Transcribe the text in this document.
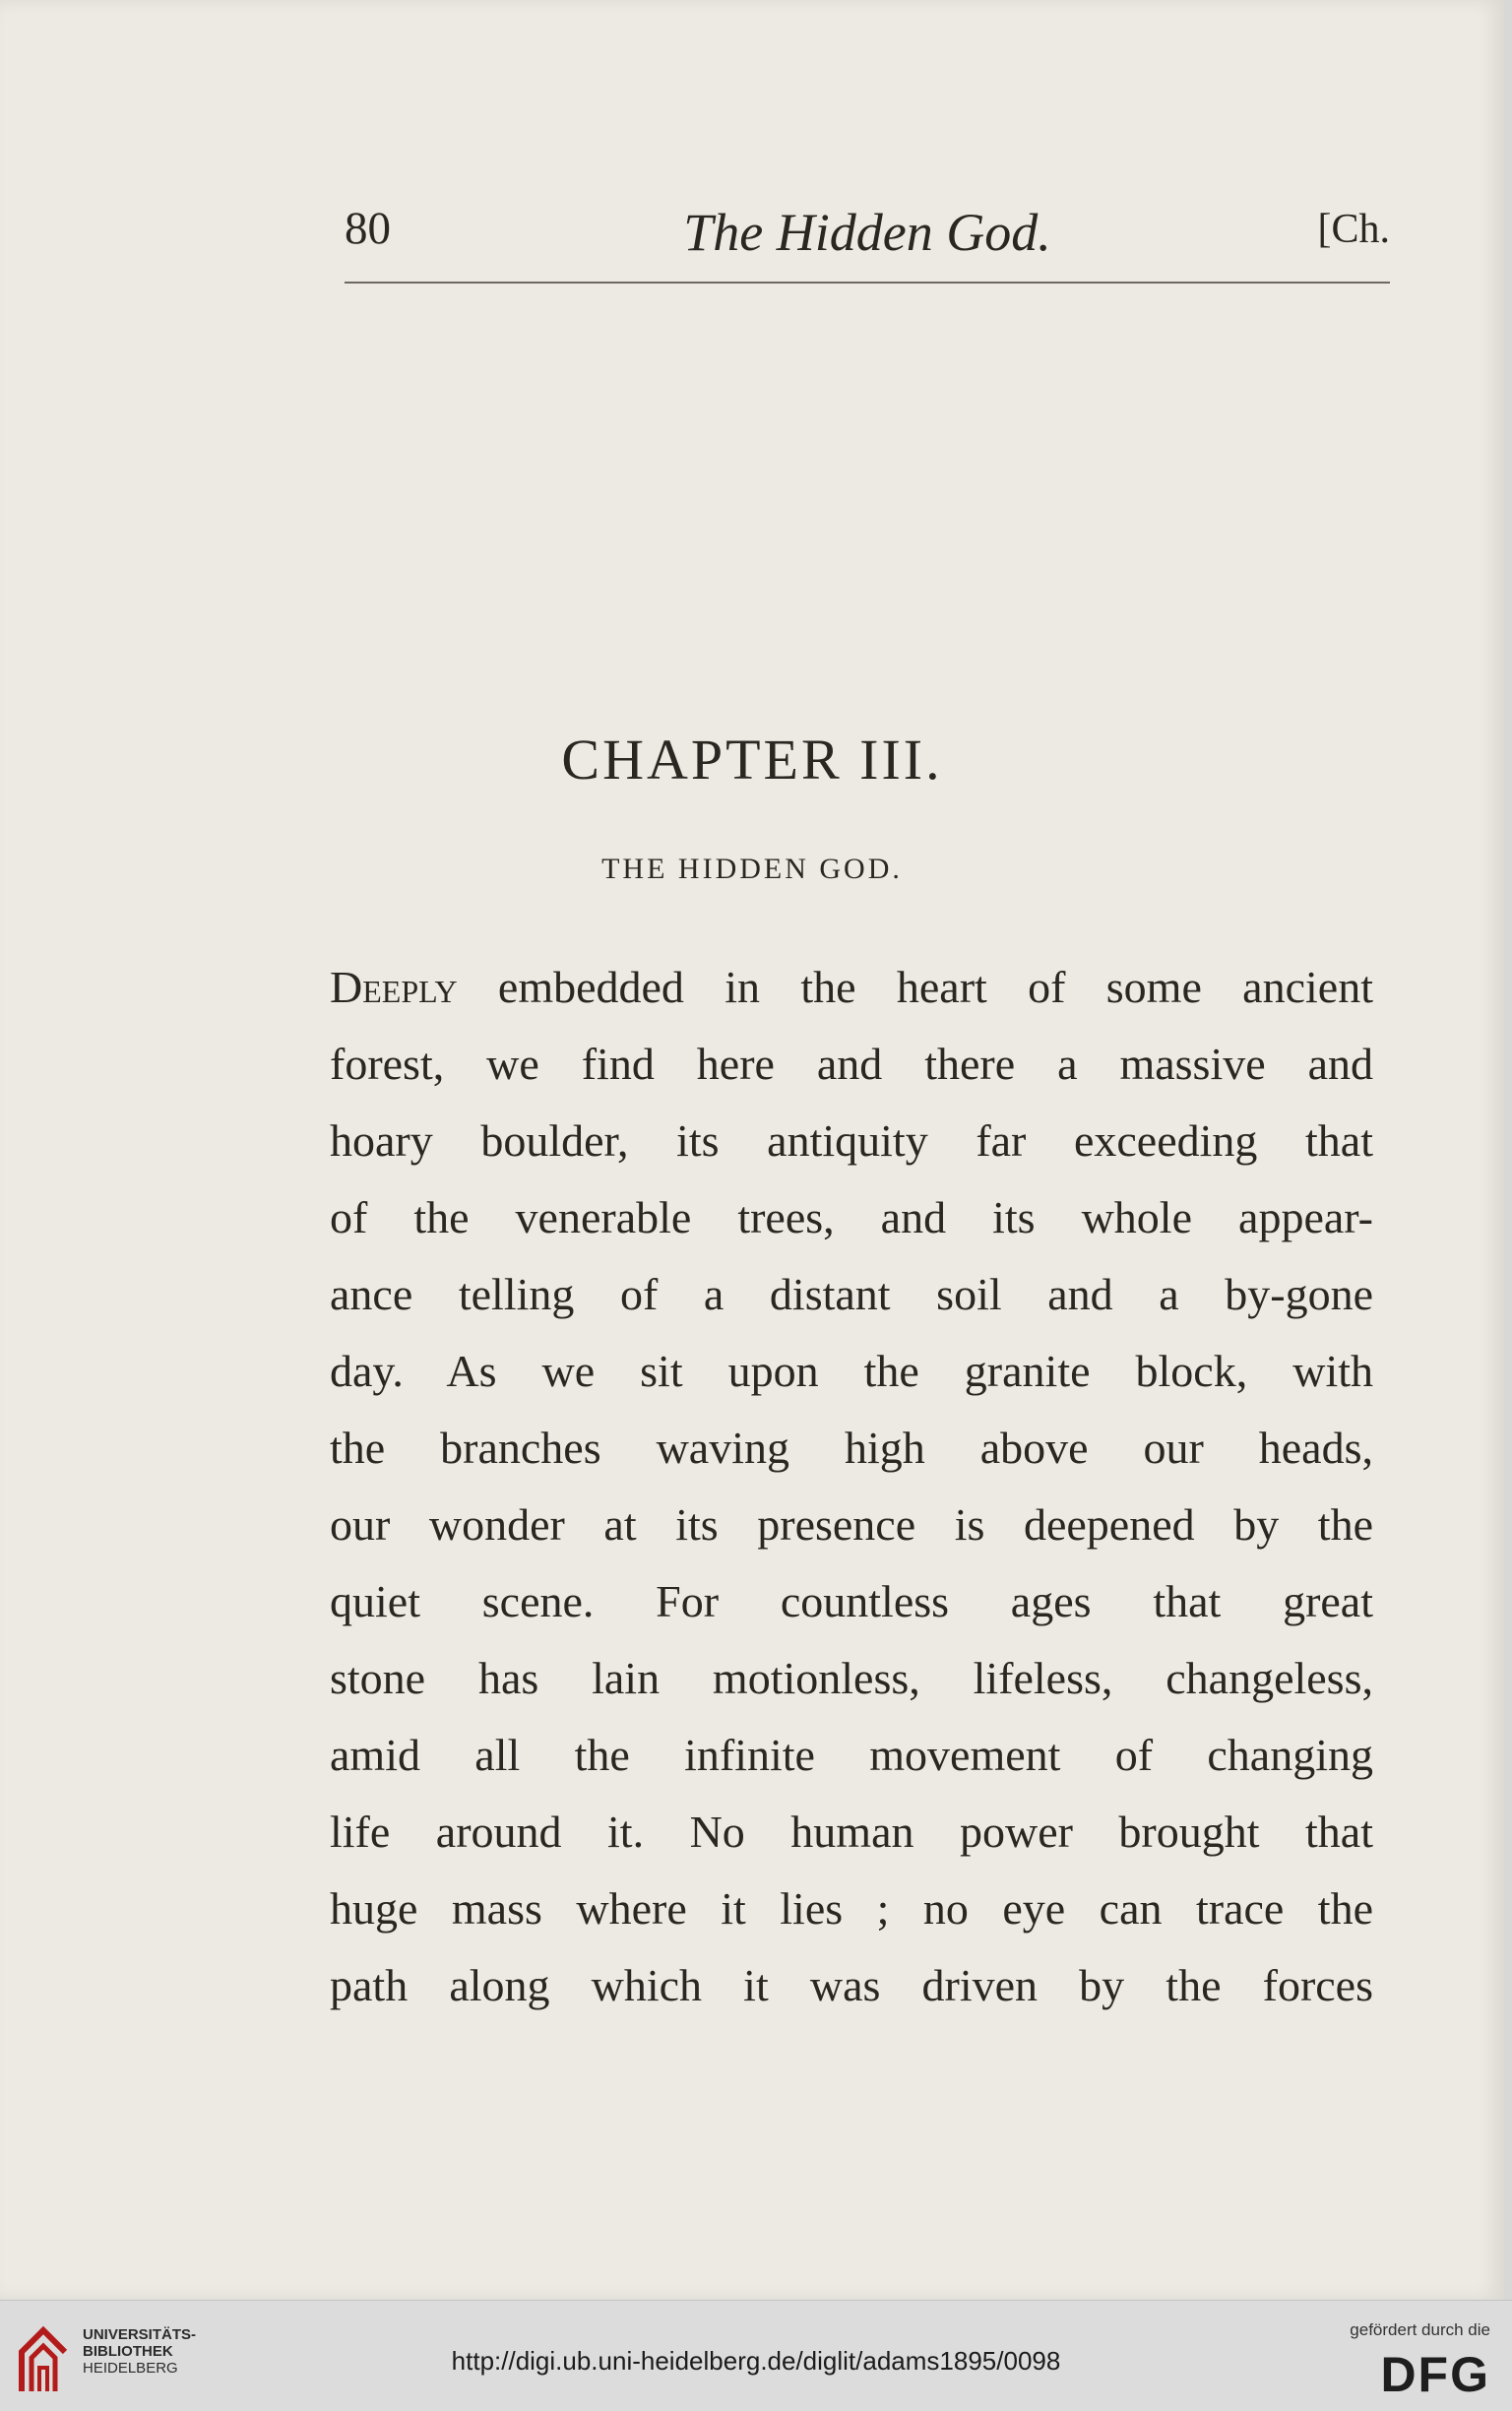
80	The Hidden God.	[Ch.
CHAPTER III.
THE HIDDEN GOD.
Deeply embedded in the heart of some ancient
forest, we find here and there a massive and
hoary boulder, its antiquity far exceeding that
of the venerable trees, and its whole appear-
ance telling of a distant soil and a by-gone
day. As we sit upon the granite block, with
the branches waving high above our heads,
our wonder at its presence is deepened by the
quiet scene. For countless ages that great
stone has lain motionless, lifeless, changeless,
amid all the infinite movement of changing
life around it. No human power brought that
huge mass where it lies ; no eye can trace the
path along which it was driven by the forces
UNIVERSITÄTS-
BIBLIOTHEK
HEIDELBERG	http://digi.ub.uni-heidelberg.de/diglit/adams1895/0098
gefördert durch die
DFG
